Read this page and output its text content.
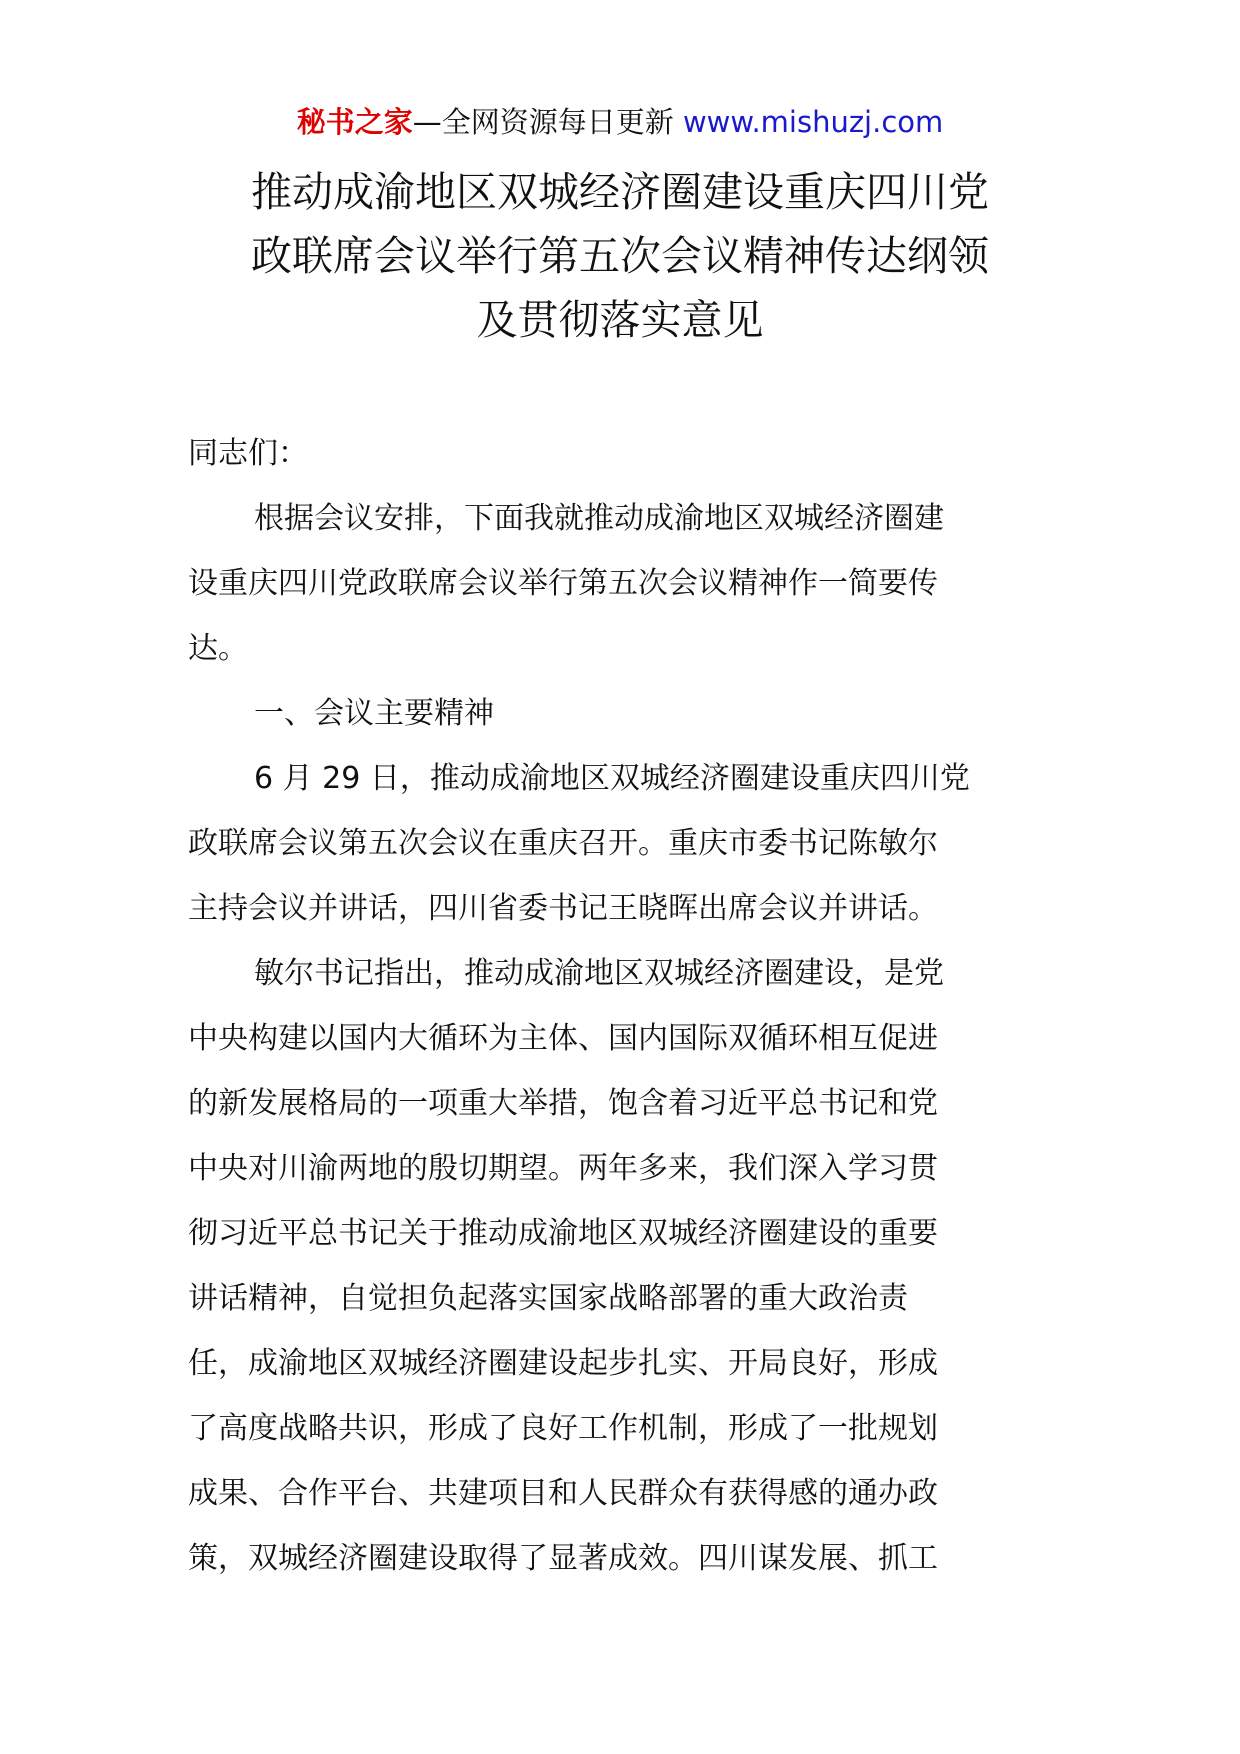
秘书之家—全网资源每日更新 www.mishuzj.com
推动成渝地区双城经济圈建设重庆四川党
政联席会议举行第五次会议精神传达纲领
及贯彻落实意见

同志们：

根据会议安排，下面我就推动成渝地区双城经济圈建
设重庆四川党政联席会议举行第五次会议精神作一简要传
达。

一、会议主要精神

6 月 29 日，推动成渝地区双城经济圈建设重庆四川党
政联席会议第五次会议在重庆召开。重庆市委书记陈敏尔
主持会议并讲话，四川省委书记王晓晖出席会议并讲话。

敏尔书记指出，推动成渝地区双城经济圈建设，是党
中央构建以国内大循环为主体、国内国际双循环相互促进
的新发展格局的一项重大举措，饱含着习近平总书记和党
中央对川渝两地的殷切期望。两年多来，我们深入学习贯
彻习近平总书记关于推动成渝地区双城经济圈建设的重要
讲话精神，自觉担负起落实国家战略部署的重大政治责
任，成渝地区双城经济圈建设起步扎实、开局良好，形成
了高度战略共识，形成了良好工作机制，形成了一批规划
成果、合作平台、共建项目和人民群众有获得感的通办政
策，双城经济圈建设取得了显著成效。四川谋发展、抓工
